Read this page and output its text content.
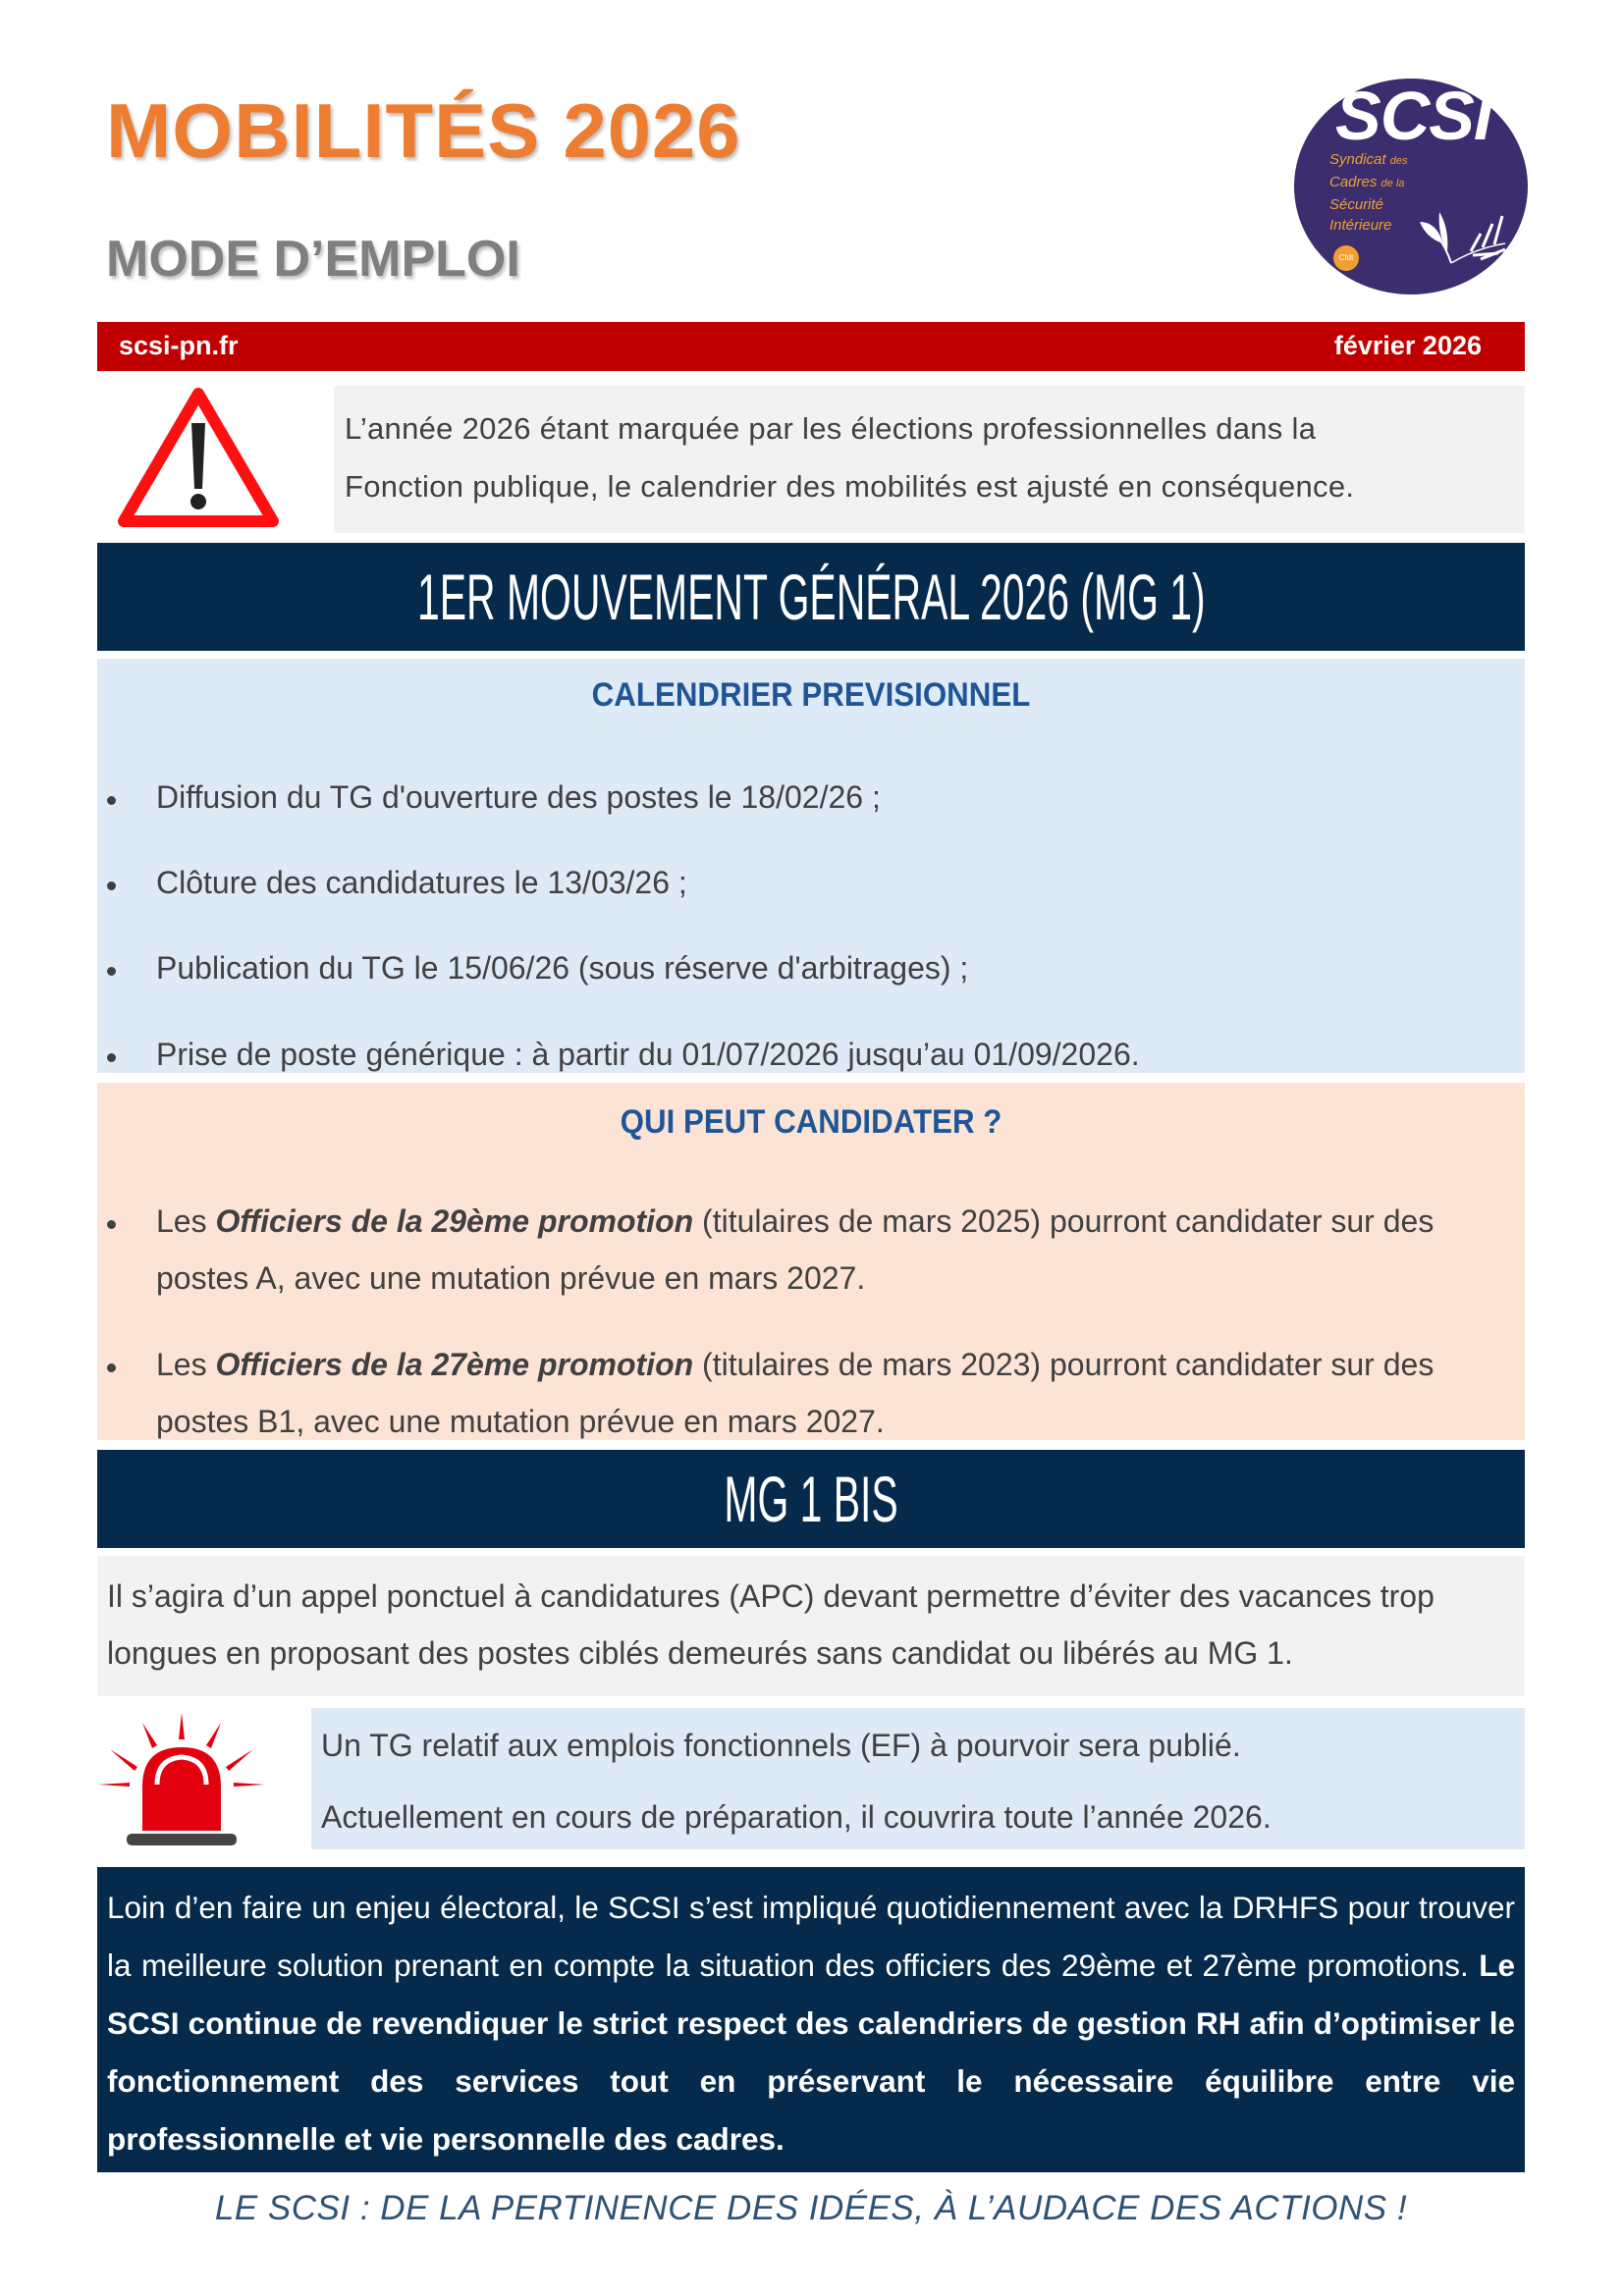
MOBILITÉS 2026
MODE D’EMPLOI
SCSI
Syndicat des
Cadres de la
Sécurité
Intérieure
Cfdt
scsi-pn.fr	février 2026

L’année 2026 étant marquée par les élections professionnelles dans la

Fonction publique, le calendrier des mobilités est ajusté en conséquence.

1ER MOUVEMENT GÉNÉRAL 2026 (MG 1)
CALENDRIER PREVISIONNEL
Diffusion du TG d'ouverture des postes le 18/02/26 ;
Clôture des candidatures le 13/03/26 ;
Publication du TG le 15/06/26 (sous réserve d'arbitrages) ;
Prise de poste générique : à partir du 01/07/2026 jusqu’au 01/09/2026.
QUI PEUT CANDIDATER ?
Les Officiers de la 29ème promotion (titulaires de mars 2025) pourront candidater sur des postes A, avec une mutation prévue en mars 2027.
Les Officiers de la 27ème promotion (titulaires de mars 2023) pourront candidater sur des postes B1, avec une mutation prévue en mars 2027.
MG 1 BIS

Il s’agira d’un appel ponctuel à candidatures (APC) devant permettre d’éviter des vacances trop longues en proposant des postes ciblés demeurés sans candidat ou libérés au MG 1.

Un TG relatif aux emplois fonctionnels (EF) à pourvoir sera publié.

Actuellement en cours de préparation, il couvrira toute l’année 2026.

Loin d’en faire un enjeu électoral, le SCSI s’est impliqué quotidiennement avec la DRHFS pour trouver la meilleure solution prenant en compte la situation des officiers des 29ème et 27ème promotions. Le SCSI continue de revendiquer le strict respect des calendriers de gestion RH afin d’optimiser le fonctionnement des services tout en préservant le nécessaire équilibre entre vie professionnelle et vie personnelle des cadres.

LE SCSI : DE LA PERTINENCE DES IDÉES, À L’AUDACE DES ACTIONS !
